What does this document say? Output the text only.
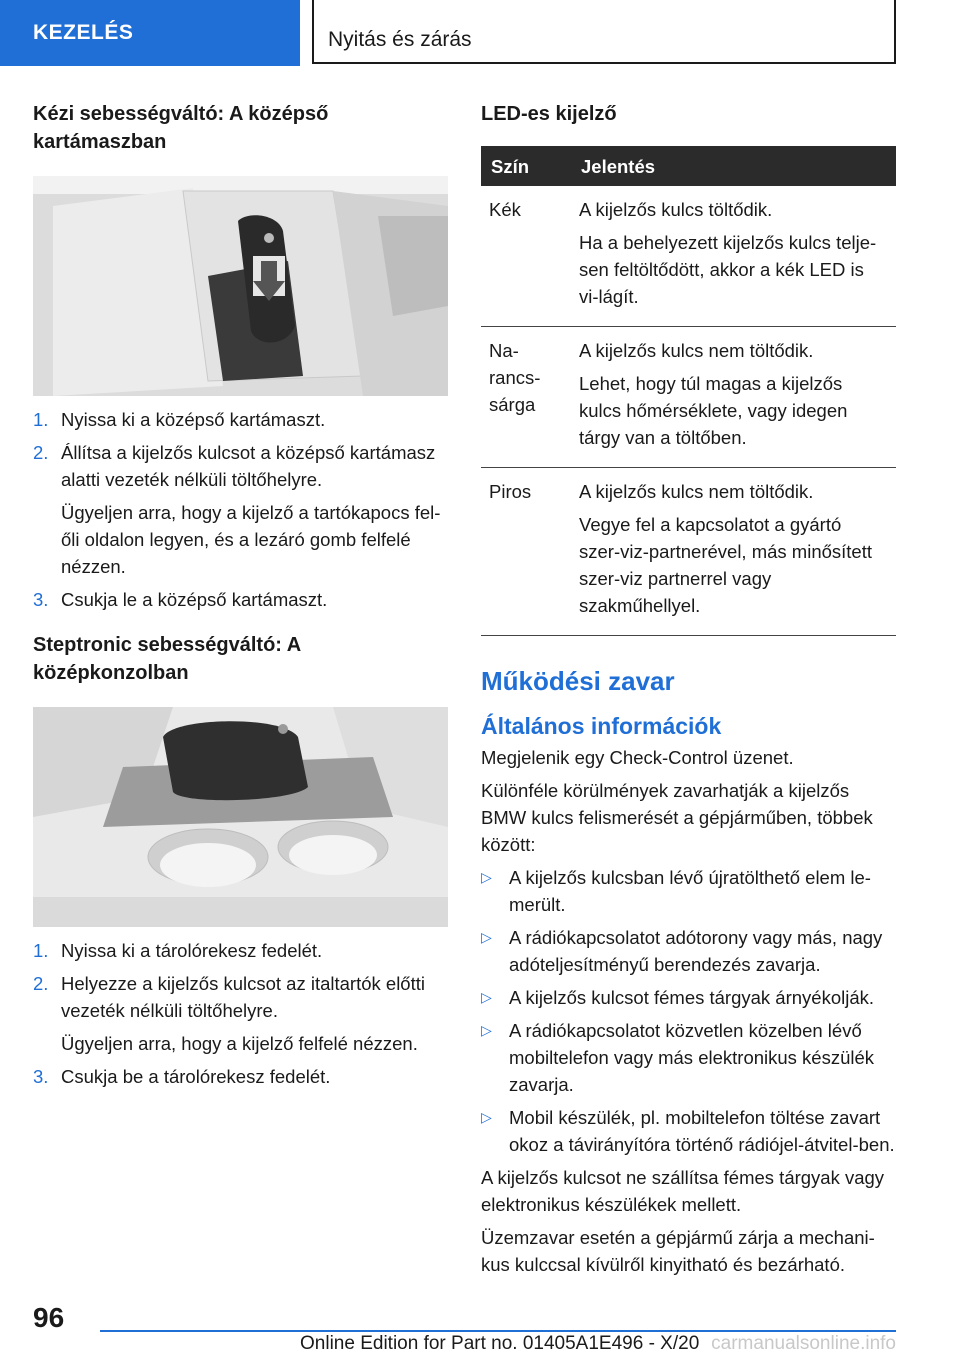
KEZELÉS	Nyitás és zárás
Kézi sebességváltó: A középső kartámaszban
1. Nyissa ki a középső kartámaszt.
2. Állítsa a kijelzős kulcsot a középső kartámasz alatti vezeték nélküli töltőhelyre.
Ügyeljen arra, hogy a kijelző a tartókapocs fel-őli oldalon legyen, és a lezáró gomb felfelé nézzen.
3. Csukja le a középső kartámaszt.
Steptronic sebességváltó: A középkonzolban
1. Nyissa ki a tárolórekesz fedelét.
2. Helyezze a kijelzős kulcsot az italtartók előtti vezeték nélküli töltőhelyre.
Ügyeljen arra, hogy a kijelző felfelé nézzen.
3. Csukja be a tárolórekesz fedelét.
LED-es kijelző
Szín	Jelentés
Kék	A kijelzős kulcs töltődik.

Ha a behelyezett kijelzős kulcs telje-sen feltöltődött, akkor a kék LED is vi-lágít.

Na-rancs-sárga	A kijelzős kulcs nem töltődik.

Lehet, hogy túl magas a kijelzős kulcs hőmérséklete, vagy idegen tárgy van a töltőben.

Piros	A kijelzős kulcs nem töltődik.

Vegye fel a kapcsolatot a gyártó szer-viz-partnerével, más minősített szer-viz partnerrel vagy szakműhellyel.

Működési zavar
Általános információk

Megjelenik egy Check-Control üzenet.

Különféle körülmények zavarhatják a kijelzős BMW kulcs felismerését a gépjárműben, többek között:

▷ A kijelzős kulcsban lévő újratölthető elem le-merült.
▷ A rádiókapcsolatot adótorony vagy más, nagy adóteljesítményű berendezés zavarja.
▷ A kijelzős kulcsot fémes tárgyak árnyékolják.
▷ A rádiókapcsolatot közvetlen közelben lévő mobiltelefon vagy más elektronikus készülék zavarja.
▷ Mobil készülék, pl. mobiltelefon töltése zavart okoz a távirányítóra történő rádiójel-átvitel-ben.

A kijelzős kulcsot ne szállítsa fémes tárgyak vagy elektronikus készülékek mellett.

Üzemzavar esetén a gépjármű zárja a mechani-kus kulccsal kívülről kinyitható és bezárható.

96
Online Edition for Part no. 01405A1E496 - X/20 carmanualsonline.info
